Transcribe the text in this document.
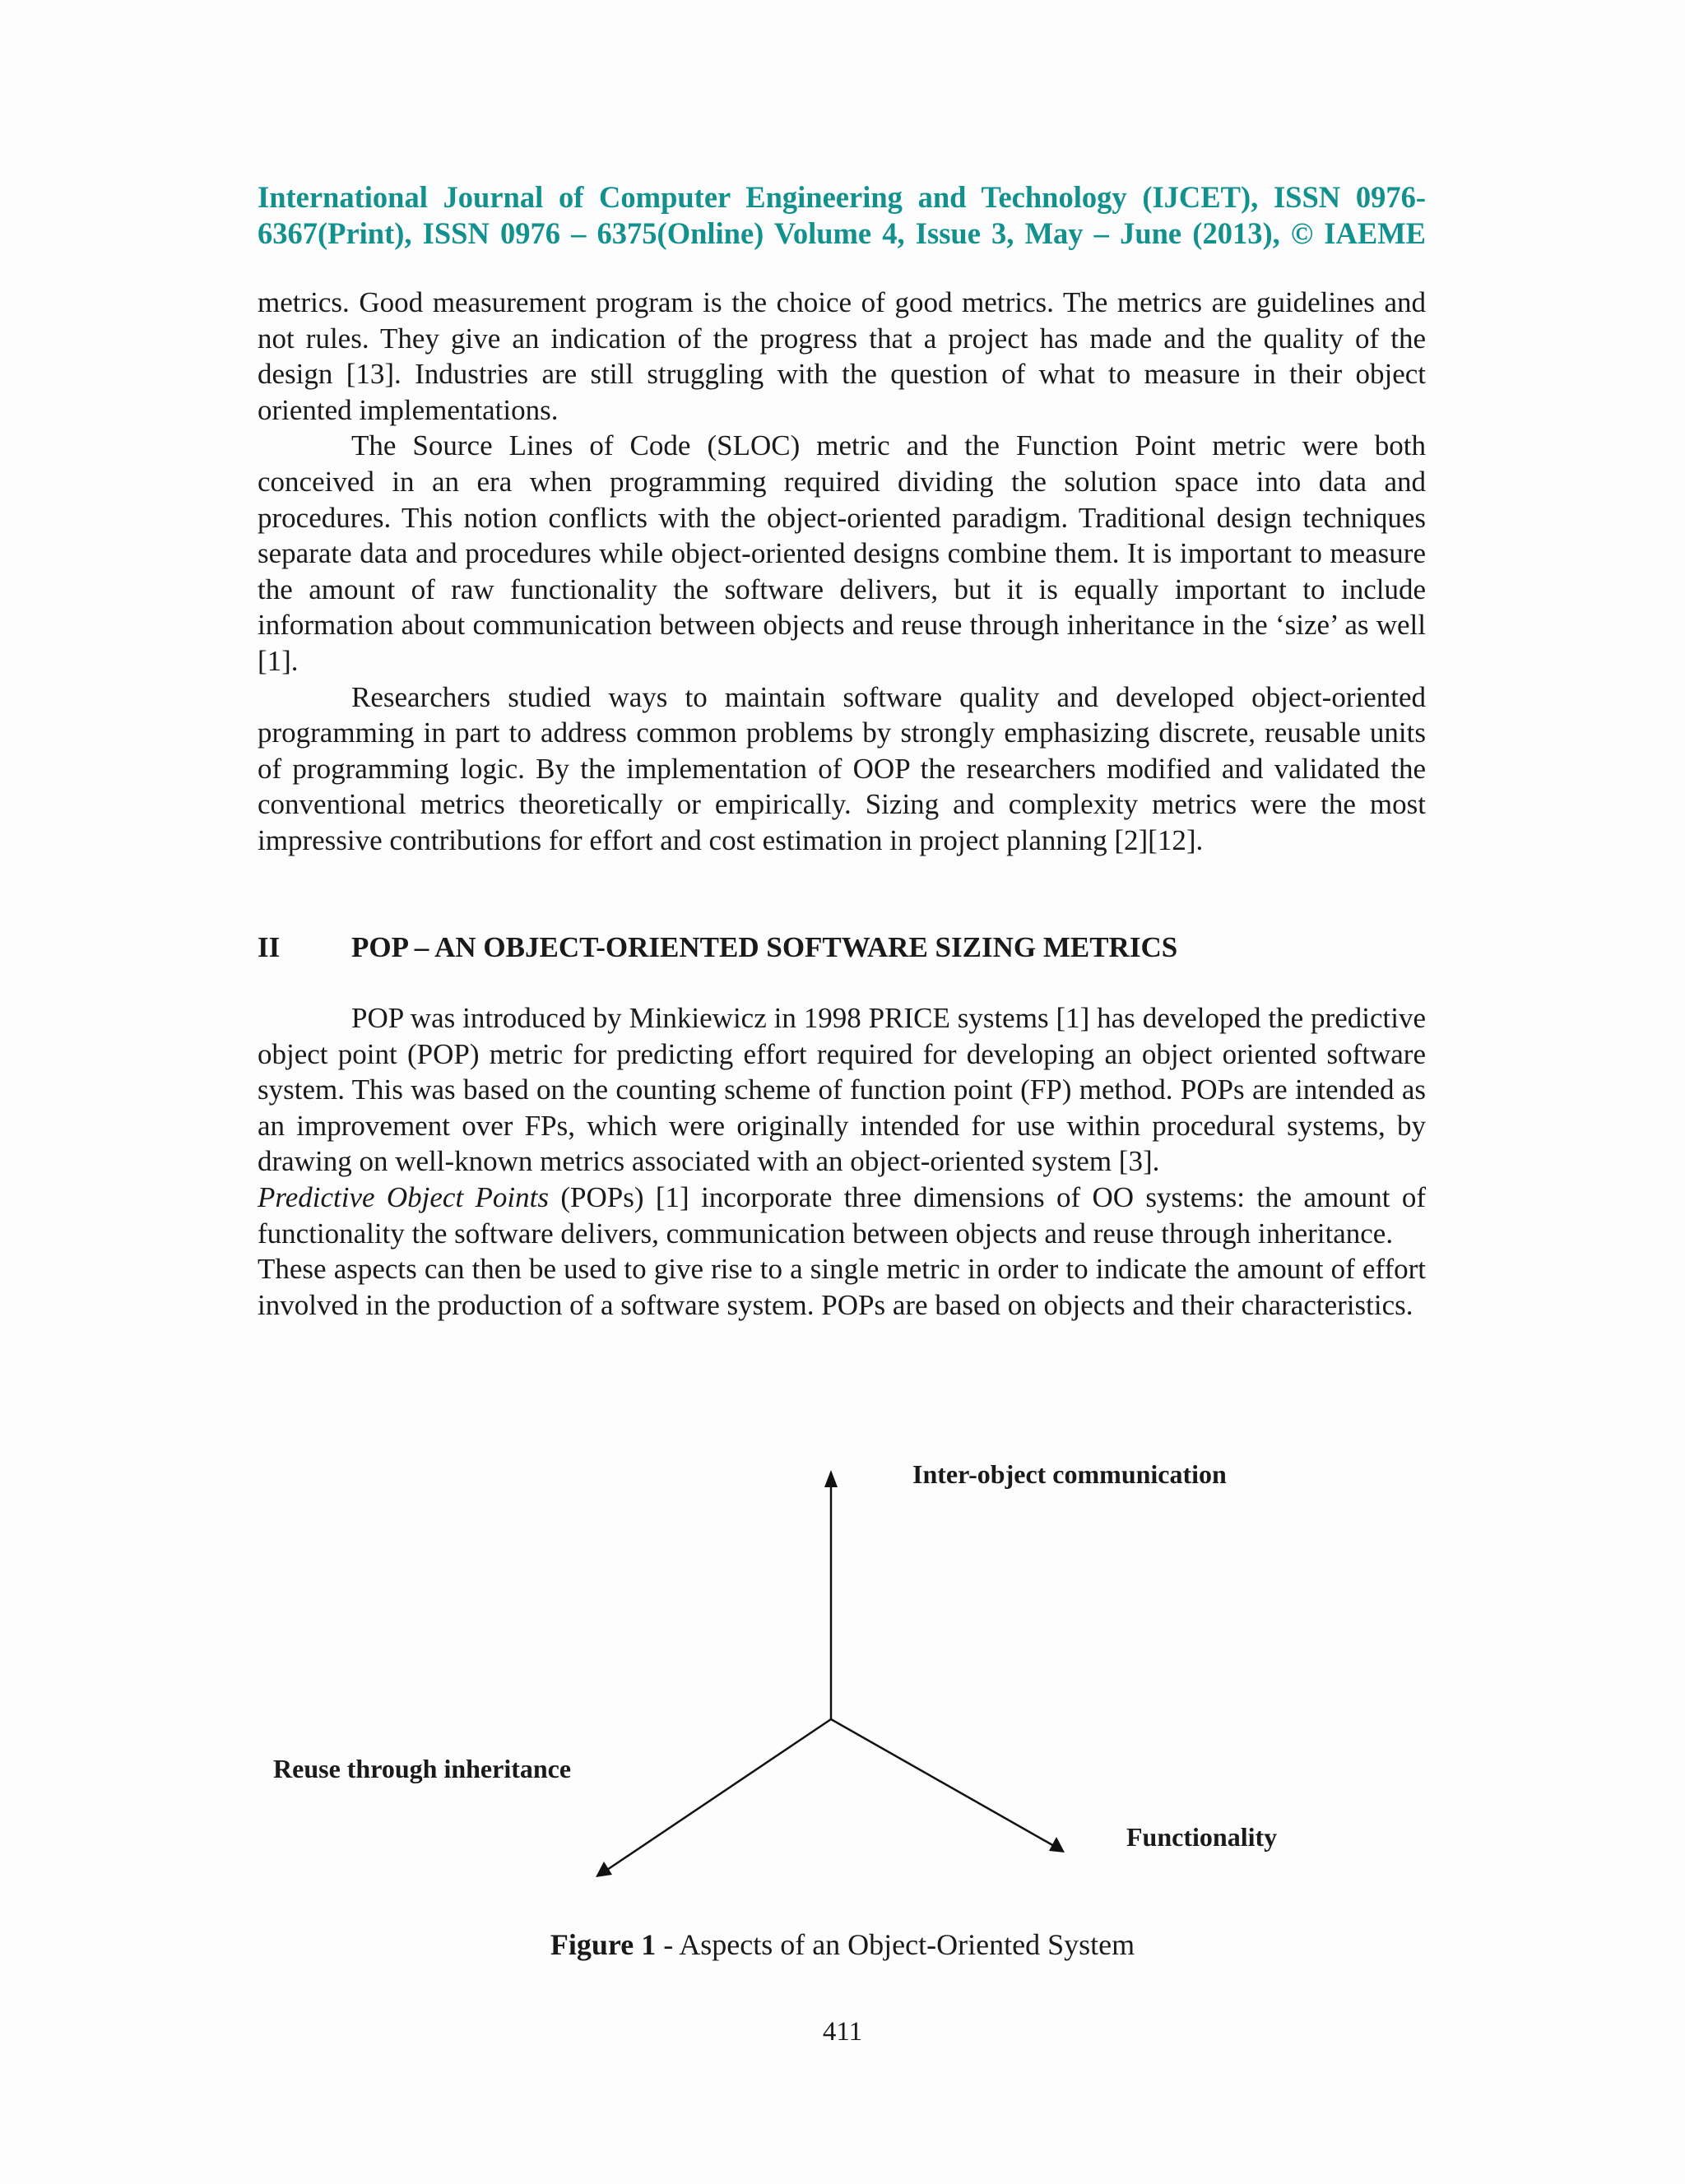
International Journal of Computer Engineering and Technology (IJCET), ISSN 0976-
6367(Print), ISSN 0976 – 6375(Online) Volume 4, Issue 3, May – June (2013), © IAEME

metrics. Good measurement program is the choice of good metrics. The metrics are guidelines and not rules. They give an indication of the progress that a project has made and the quality of the design [13]. Industries are still struggling with the question of what to measure in their object oriented implementations.

The Source Lines of Code (SLOC) metric and the Function Point metric were both conceived in an era when programming required dividing the solution space into data and procedures. This notion conflicts with the object-oriented paradigm. Traditional design techniques separate data and procedures while object-oriented designs combine them. It is important to measure the amount of raw functionality the software delivers, but it is equally important to include information about communication between objects and reuse through inheritance in the ‘size’ as well [1].

Researchers studied ways to maintain software quality and developed object-oriented programming in part to address common problems by strongly emphasizing discrete, reusable units of programming logic. By the implementation of OOP the researchers modified and validated the conventional metrics theoretically or empirically. Sizing and complexity metrics were the most impressive contributions for effort and cost estimation in project planning [2][12].

II POP – AN OBJECT-ORIENTED SOFTWARE SIZING METRICS

POP was introduced by Minkiewicz in 1998 PRICE systems [1] has developed the predictive object point (POP) metric for predicting effort required for developing an object oriented software system. This was based on the counting scheme of function point (FP) method. POPs are intended as an improvement over FPs, which were originally intended for use within procedural systems, by drawing on well-known metrics associated with an object-oriented system [3].

Predictive Object Points (POPs) [1] incorporate three dimensions of OO systems: the amount of functionality the software delivers, communication between objects and reuse through inheritance.

These aspects can then be used to give rise to a single metric in order to indicate the amount of effort involved in the production of a software system. POPs are based on objects and their characteristics.

Inter-object communication
Reuse through inheritance
Functionality
Figure 1 - Aspects of an Object-Oriented System
411
